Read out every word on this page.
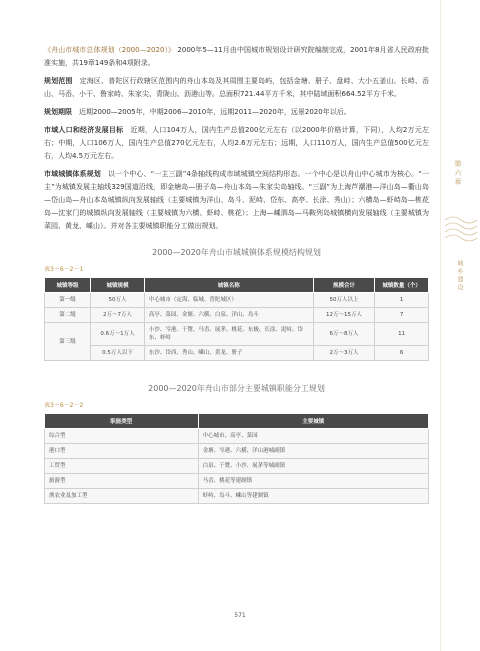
《舟山市城市总体规划（2000—2020）》 2000年5—11月由中国城市规划设计研究院编制完成，2001年8月省人民政府批准实施，共19章149条和4项附录。

规划范围　 定海区、普陀区行政辖区范围内的舟山本岛及其周围主要岛屿，包括金塘、册子、盘峙、大小五釜山、长峙、岙山、马岙、小干、鲁家峙、朱家尖、青陇山、沥港山等。总面积721.44平方千米，其中陆域面积664.52平方千米。

规划期限　 近期2000—2005年，中期2006—2010年，远期2011—2020年，远景2020年以后。

市域人口和经济发展目标　 近期，人口104万人，国内生产总值200亿元左右（以2000年价格计算，下同），人均2万元左右；中期，人口106万人，国内生产总值270亿元左右，人均2.6万元左右；远期，人口110万人，国内生产总值500亿元左右，人均4.5万元左右。

市域城镇体系规划　 以一个中心、“一主三副”4条轴线构成市域城镇空间结构形态。一个中心是以舟山中心城市为核心。“一主”为城镇发展主轴线329国道沿线，即金塘岛—册子岛—舟山本岛—朱家尖岛轴线。“三副”为上海芦潮港—洋山岛—衢山岛—岱山岛—舟山本岛城镇纵向发展轴线（主要城镇为洋山、岛斗、泥峙、岱东、高亭、长涂、秀山）；六横岛—虾峙岛—桃花岛—沈家门的城镇纵向发展轴线（主要城镇为六横、虾峙、桃花）；上海—嵊泗岛—马鞍列岛城镇横向发展轴线（主要城镇为菜园、黄龙、嵊山）。并对各主要城镇职能分工做出规划。

2000—2020年舟山市城城镇体系规模结构规划
表3－6－2－1
城镇等级	城镇规模	城镇名称	规模合计	城镇数量（个）
第一级	50万人	中心城市（定海、临城、普陀城区）	50万人以上	1
第二级	2万～7万人	高亭、菜园、金塘、六横、白泉、洋山、岛斗	12万～15万人	7
第三级	0.6万～1万人	小沙、岑港、干覽、马岙、展茅、桃花、东极、长涂、泥峙、岱东、虾峙	6万～8万人	11
	0.5万人以下	东沙、岱西、秀山、嵊山、黄龙、册子	2万～3万人	6
2000—2020年舟山市部分主要城镇职能分工规划
表3－6－2－2
职能类型	主要城镇
综合型	中心城市、高亭、菜园
港口型	金塘、岑港、六横、洋山港城副镇
工贸型	白泉、干覽、小沙、展茅等城副镇
旅游型	马岙、桃花等建制镇
渔农业及加工型	虾峙、岛斗、嵊山等建制镇
第六章
城乡建设
571
